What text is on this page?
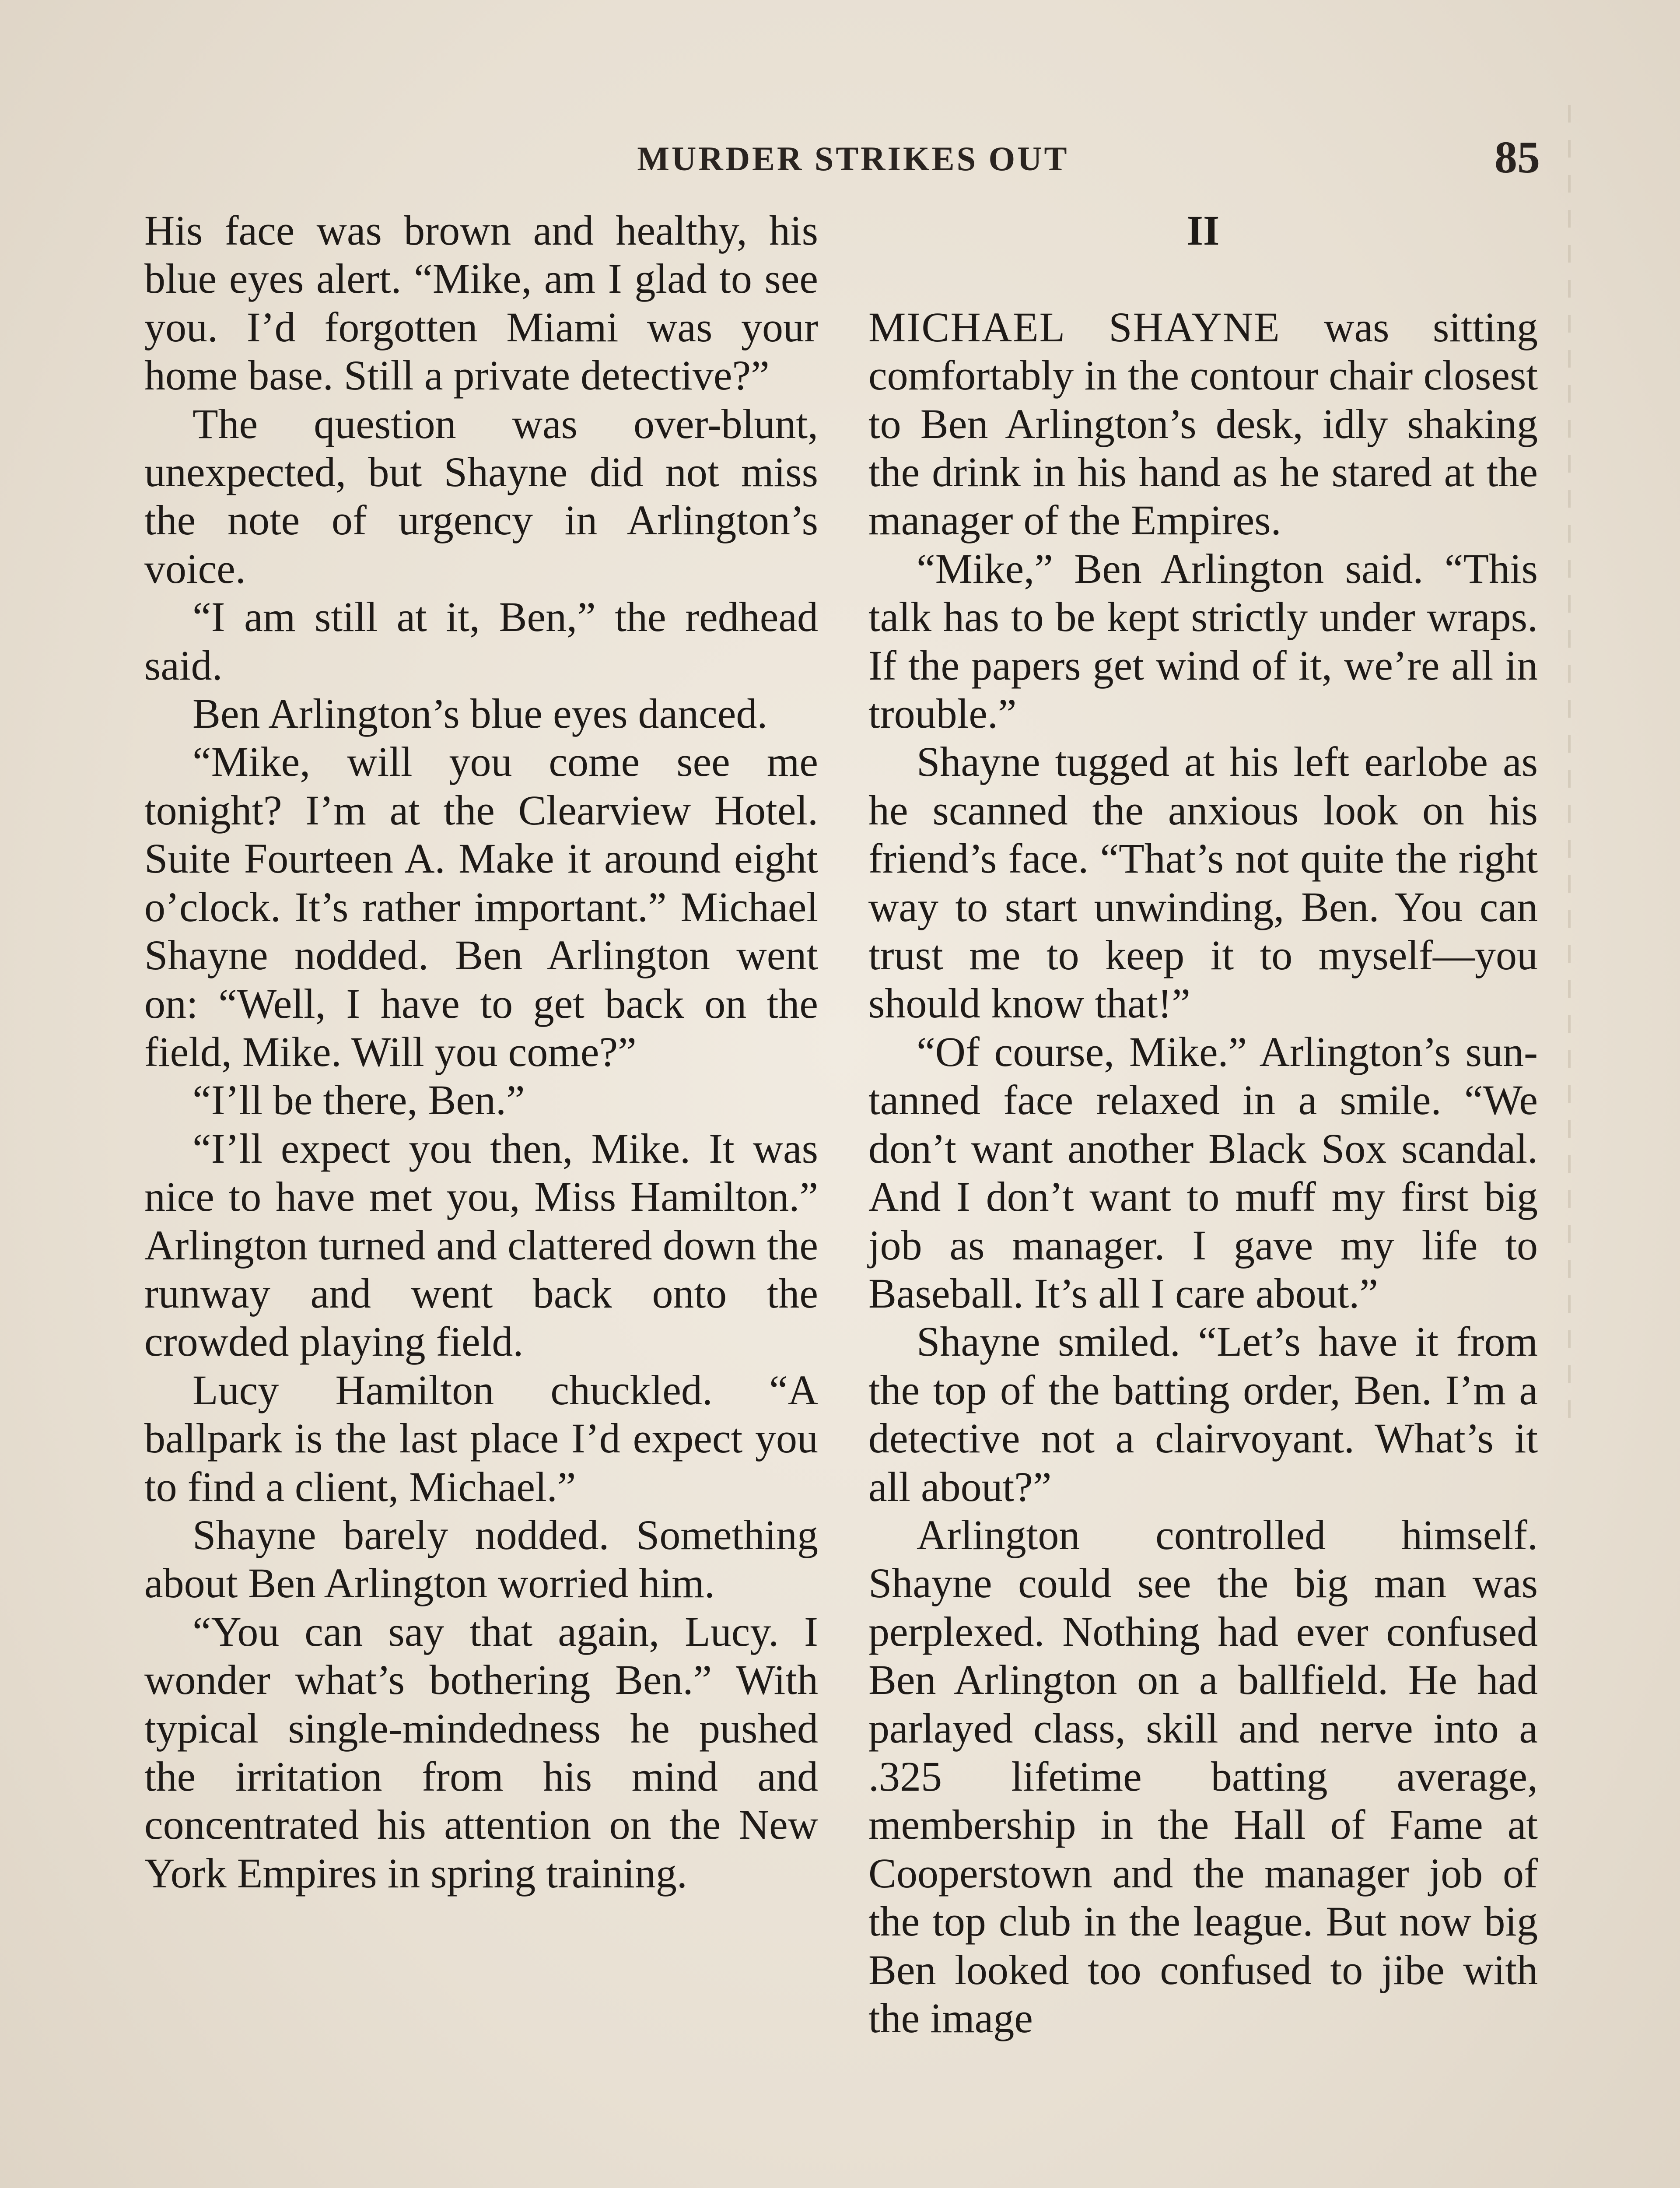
MURDER STRIKES OUT	85

His face was brown and healthy, his blue eyes alert. “Mike, am I glad to see you. I’d forgotten Miami was your home base. Still a private detective?”

The question was over-blunt, unexpected, but Shayne did not miss the note of urgency in Arlington’s voice.

“I am still at it, Ben,” the redhead said.

Ben Arlington’s blue eyes danced.

“Mike, will you come see me tonight? I’m at the Clearview Hotel. Suite Fourteen A. Make it around eight o’clock. It’s rather important.” Michael Shayne nodded. Ben Arlington went on: “Well, I have to get back on the field, Mike. Will you come?”

“I’ll be there, Ben.”

“I’ll expect you then, Mike. It was nice to have met you, Miss Hamilton.” Arlington turned and clattered down the runway and went back onto the crowded playing field.

Lucy Hamilton chuckled. “A ballpark is the last place I’d expect you to find a client, Michael.”

Shayne barely nodded. Something about Ben Arlington worried him.

“You can say that again, Lucy. I wonder what’s bothering Ben.” With typical single-mindedness he pushed the irritation from his mind and concentrated his attention on the New York Empires in spring training.

II

MICHAEL SHAYNE was sitting comfortably in the contour chair closest to Ben Arlington’s desk, idly shaking the drink in his hand as he stared at the manager of the Empires.

“Mike,” Ben Arlington said. “This talk has to be kept strictly under wraps. If the papers get wind of it, we’re all in trouble.”

Shayne tugged at his left earlobe as he scanned the anxious look on his friend’s face. “That’s not quite the right way to start unwinding, Ben. You can trust me to keep it to myself—you should know that!”

“Of course, Mike.” Arlington’s sun-tanned face relaxed in a smile. “We don’t want another Black Sox scandal. And I don’t want to muff my first big job as manager. I gave my life to Baseball. It’s all I care about.”

Shayne smiled. “Let’s have it from the top of the batting order, Ben. I’m a detective not a clairvoyant. What’s it all about?”

Arlington controlled himself. Shayne could see the big man was perplexed. Nothing had ever confused Ben Arlington on a ballfield. He had parlayed class, skill and nerve into a .325 lifetime batting average, membership in the Hall of Fame at Cooperstown and the manager job of the top club in the league. But now big Ben looked too confused to jibe with the image
